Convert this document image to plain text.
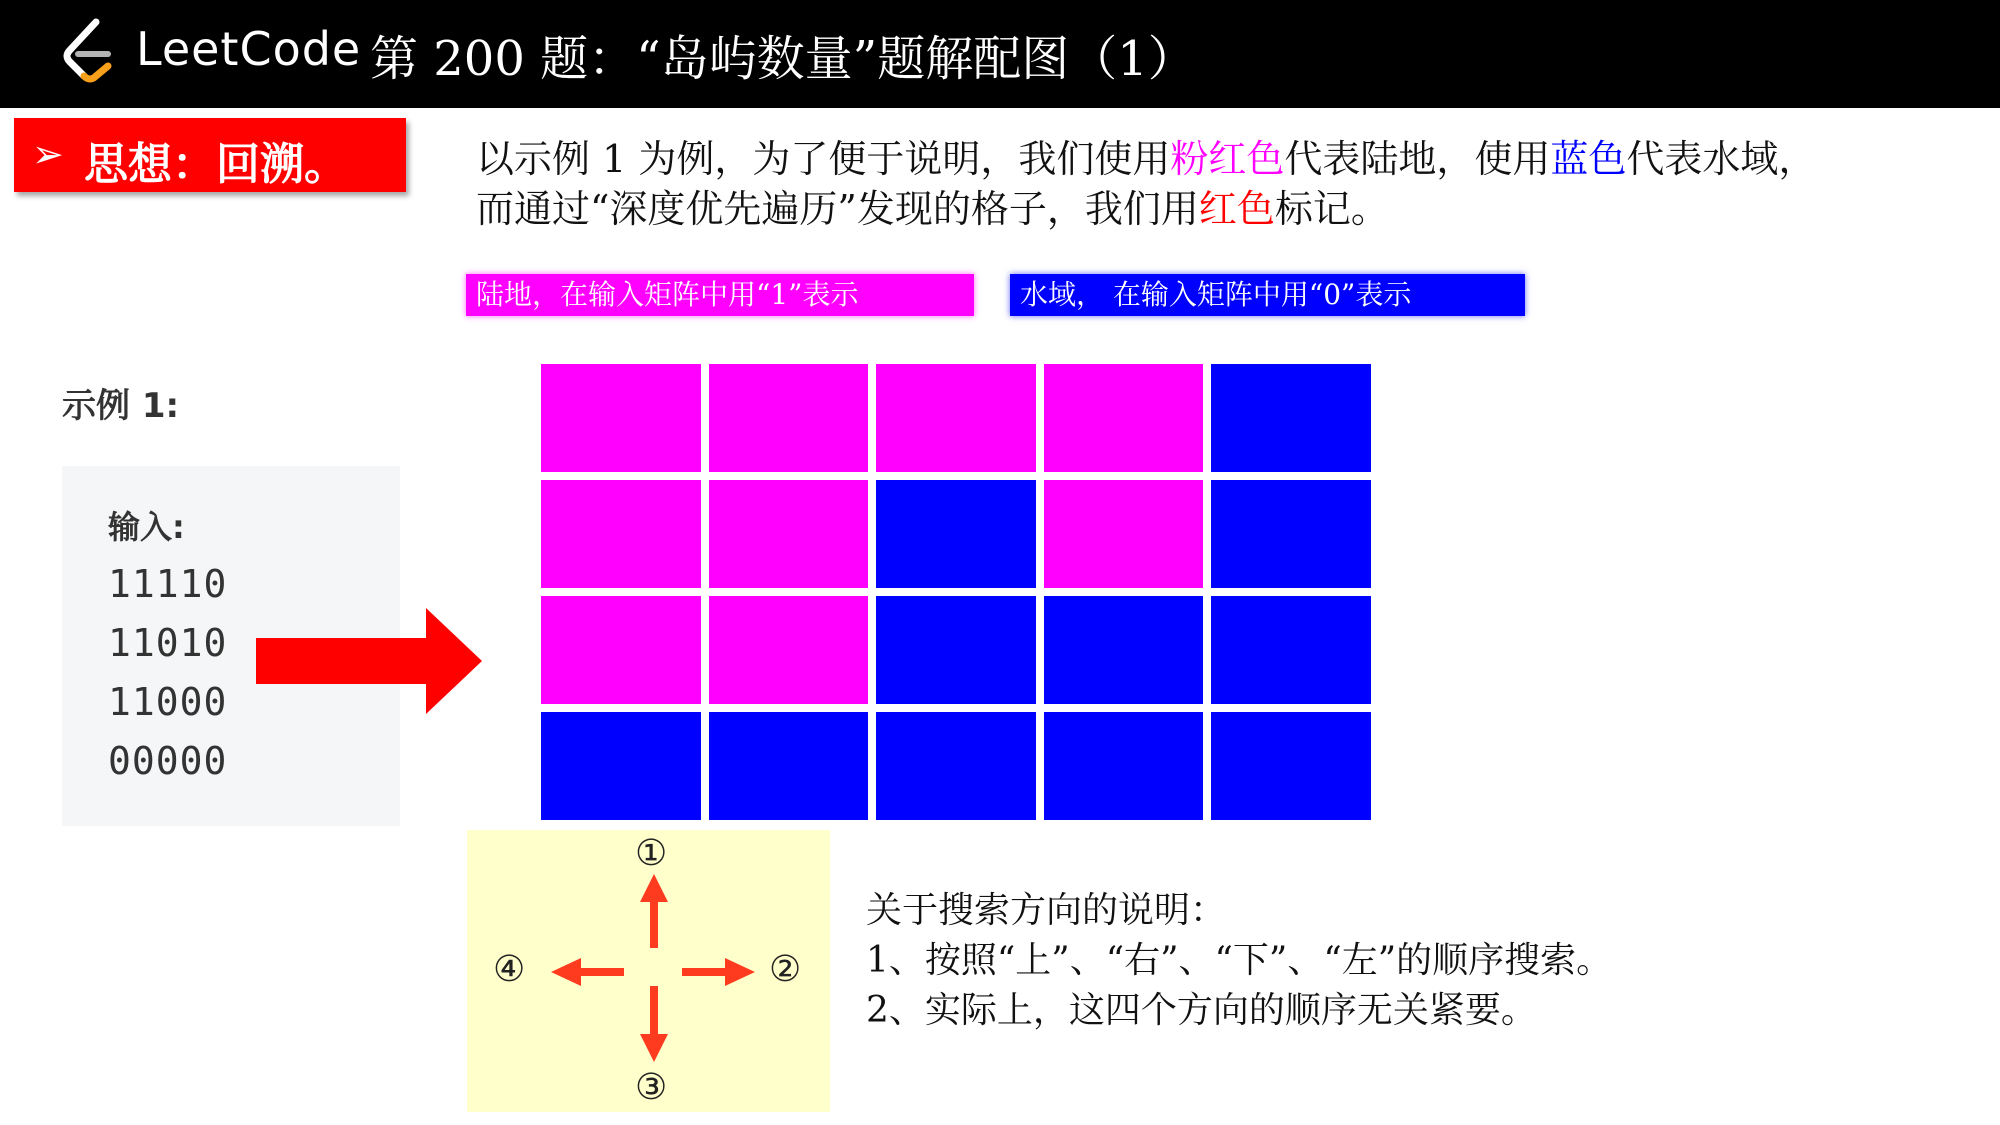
LeetCode 第 200 题：“岛屿数量”题解配图（1）
➢ 思想：回溯。	以示例 1 为例，为了便于说明，我们使用粉红色代表陆地，使用蓝色代表水域，
而通过“深度优先遍历”发现的格子，我们用红色标记。
陆地，在输入矩阵中用“1”表示	水域， 在输入矩阵中用“0”表示
示例 1:
输入:
11110
11010
11000
00000
①
②
③
④
关于搜索方向的说明：
1、按照“上”、“右”、“下”、“左”的顺序搜索。
2、实际上，这四个方向的顺序无关紧要。
